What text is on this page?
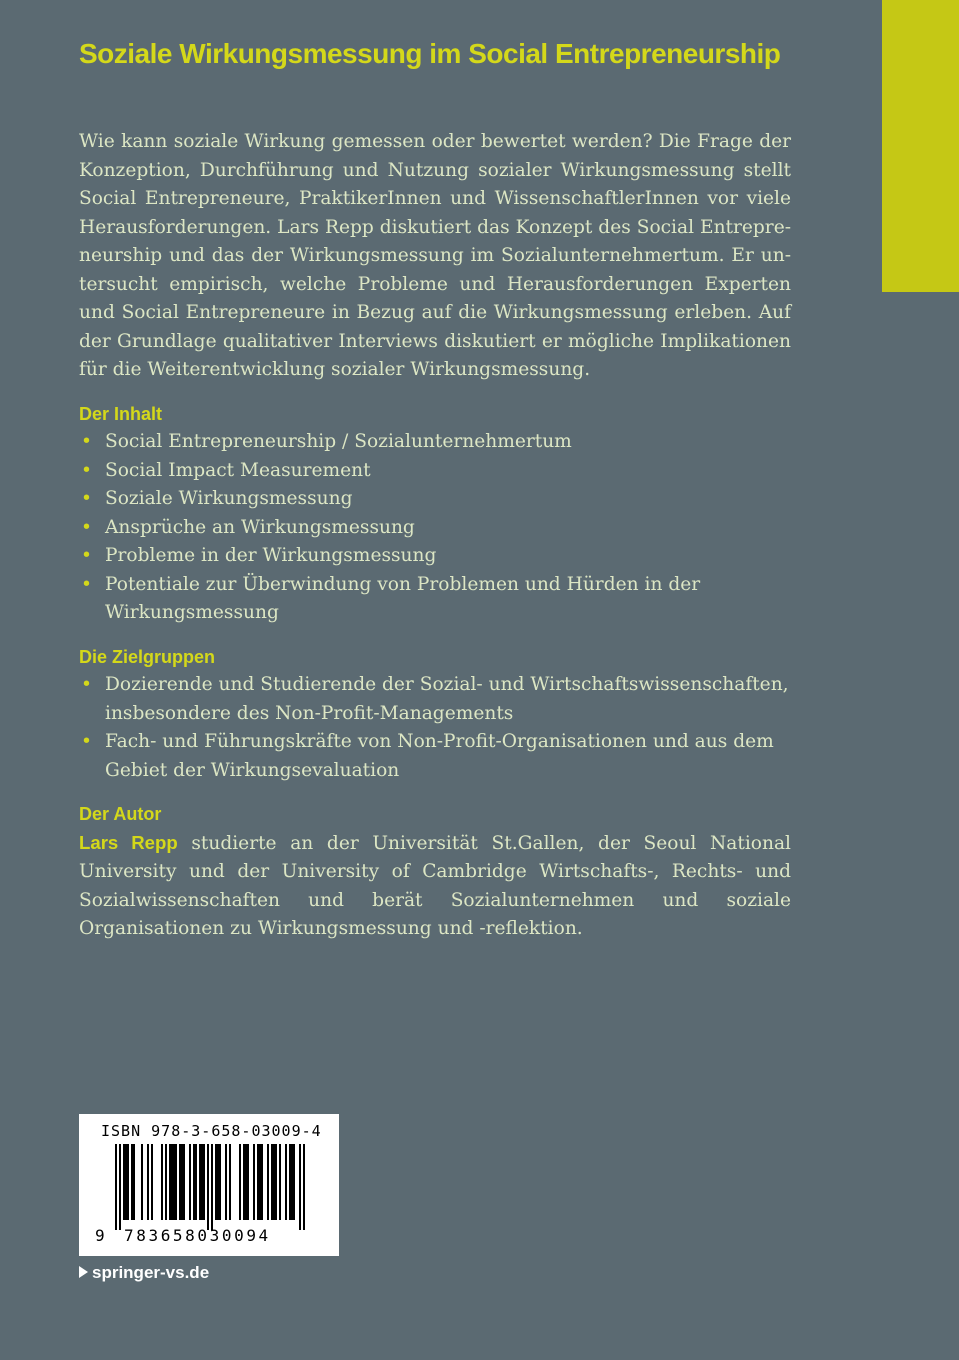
Soziale Wirkungsmessung im Social Entrepreneurship

Wie kann soziale Wirkung gemessen oder bewertet werden? Die Frage der Konzeption, Durchführung und Nutzung sozialer Wirkungsmessung stellt Social Entrepreneure, PraktikerInnen und WissenschaftlerInnen vor viele Herausforderungen. Lars Repp diskutiert das Konzept des Social Entrepreneurship und das der Wirkungsmessung im Sozialunternehmertum. Er untersucht empirisch, welche Probleme und Herausforderungen Experten und Social Entrepreneure in Bezug auf die Wirkungsmessung erleben. Auf der Grundlage qualitativer Interviews diskutiert er mögliche Implikationen für die Weiterentwicklung sozialer Wirkungsmessung.

Der Inhalt
• Social Entrepreneurship / Sozialunternehmertum
• Social Impact Measurement
• Soziale Wirkungsmessung
• Ansprüche an Wirkungsmessung
• Probleme in der Wirkungsmessung
• Potentiale zur Überwindung von Problemen und Hürden in der Wirkungsmessung
Die Zielgruppen
• Dozierende und Studierende der Sozial- und Wirtschaftswissenschaften, insbesondere des Non-Profit-Managements
• Fach- und Führungskräfte von Non-Profit-Organisationen und aus dem Gebiet der Wirkungsevaluation
Der Autor

Lars Repp studierte an der Universität St.Gallen, der Seoul National University und der University of Cambridge Wirtschafts-, Rechts- und Sozialwissenschaften und berät Sozialunternehmen und soziale Organisationen zu Wirkungsmessung und -reflektion.

ISBN 978-3-658-03009-4
9 783658030094
springer-vs.de
